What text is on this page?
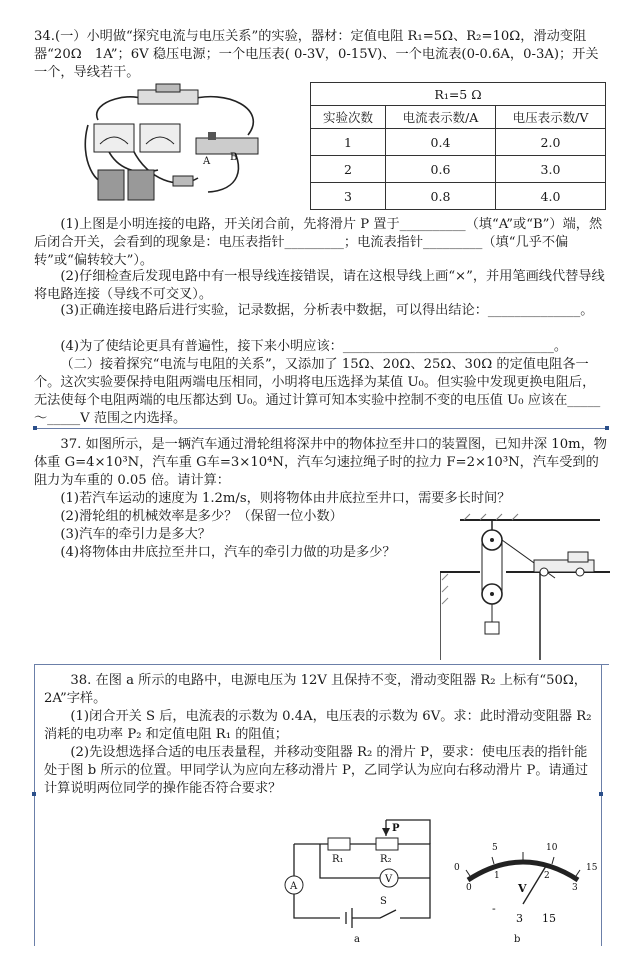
34.(一）小明做“探究电流与电压关系”的实验，器材：定值电阻 R₁=5Ω、R₂=10Ω，滑动变阻器“20Ω　1A”；6V 稳压电源；一个电压表( 0-3V，0-15V)、一个电流表(0-0.6A，0-3A)；开关一个，导线若干。

A B
R₁=5 Ω		
实验次数	电流表示数/A	电压表示数/V
1	0.4	2.0
2	0.6	3.0
3	0.8	4.0

(1)上图是小明连接的电路，开关闭合前，先将滑片 P 置于__________（填“A”或“B”）端，然后闭合开关，会看到的现象是：电压表指针_________；电流表指针_________（填“几乎不偏转”或“偏转较大”）。

(2)仔细检查后发现电路中有一根导线连接错误，请在这根导线上画“×”，并用笔画线代替导线将电路连接（导线不可交叉）。

(3)正确连接电路后进行实验，记录数据，分析表中数据，可以得出结论：______________。

(4)为了使结论更具有普遍性，接下来小明应该：________________________________。

（二）接着探究“电流与电阻的关系”，又添加了 15Ω、20Ω、25Ω、30Ω 的定值电阻各一个。这次实验要保持电阻两端电压相同，小明将电压选择为某值 U₀。但实验中发现更换电阻后，无法使每个电阻两端的电压都达到 U₀。通过计算可知本实验中控制不变的电压值 U₀ 应该在_____～_____V 范围之内选择。

37. 如图所示，是一辆汽车通过滑轮组将深井中的物体拉至井口的装置图，已知井深 10m，物体重 G=4×10³N，汽车重 G车=3×10⁴N，汽车匀速拉绳子时的拉力 F=2×10³N，汽车受到的阻力为车重的 0.05 倍。请计算：

(1)若汽车运动的速度为 1.2m/s，则将物体由井底拉至井口，需要多长时间？

(2)滑轮组的机械效率是多少？（保留一位小数）

(3)汽车的牵引力是多大？

(4)将物体由井底拉至井口，汽车的牵引力做的功是多少？

38. 在图 a 所示的电路中，电源电压为 12V 且保持不变，滑动变阻器 R₂ 上标有“50Ω，2A”字样。

(1)闭合开关 S 后，电流表的示数为 0.4A，电压表的示数为 6V。求：此时滑动变阻器 R₂ 消耗的电功率 P₂ 和定值电阻 R₁ 的阻值；

(2)先设想选择合适的电压表量程，并移动变阻器 R₂ 的滑片 P，要求：使电压表的指针能处于图 b 所示的位置。甲同学认为应向左移动滑片 P，乙同学认为应向右移动滑片 P。请通过计算说明两位同学的操作能否符合要求？

R₁	R₂
P
A
V
S
a
0
5	10
15
0
1	2
3
V
-
3 15
b
